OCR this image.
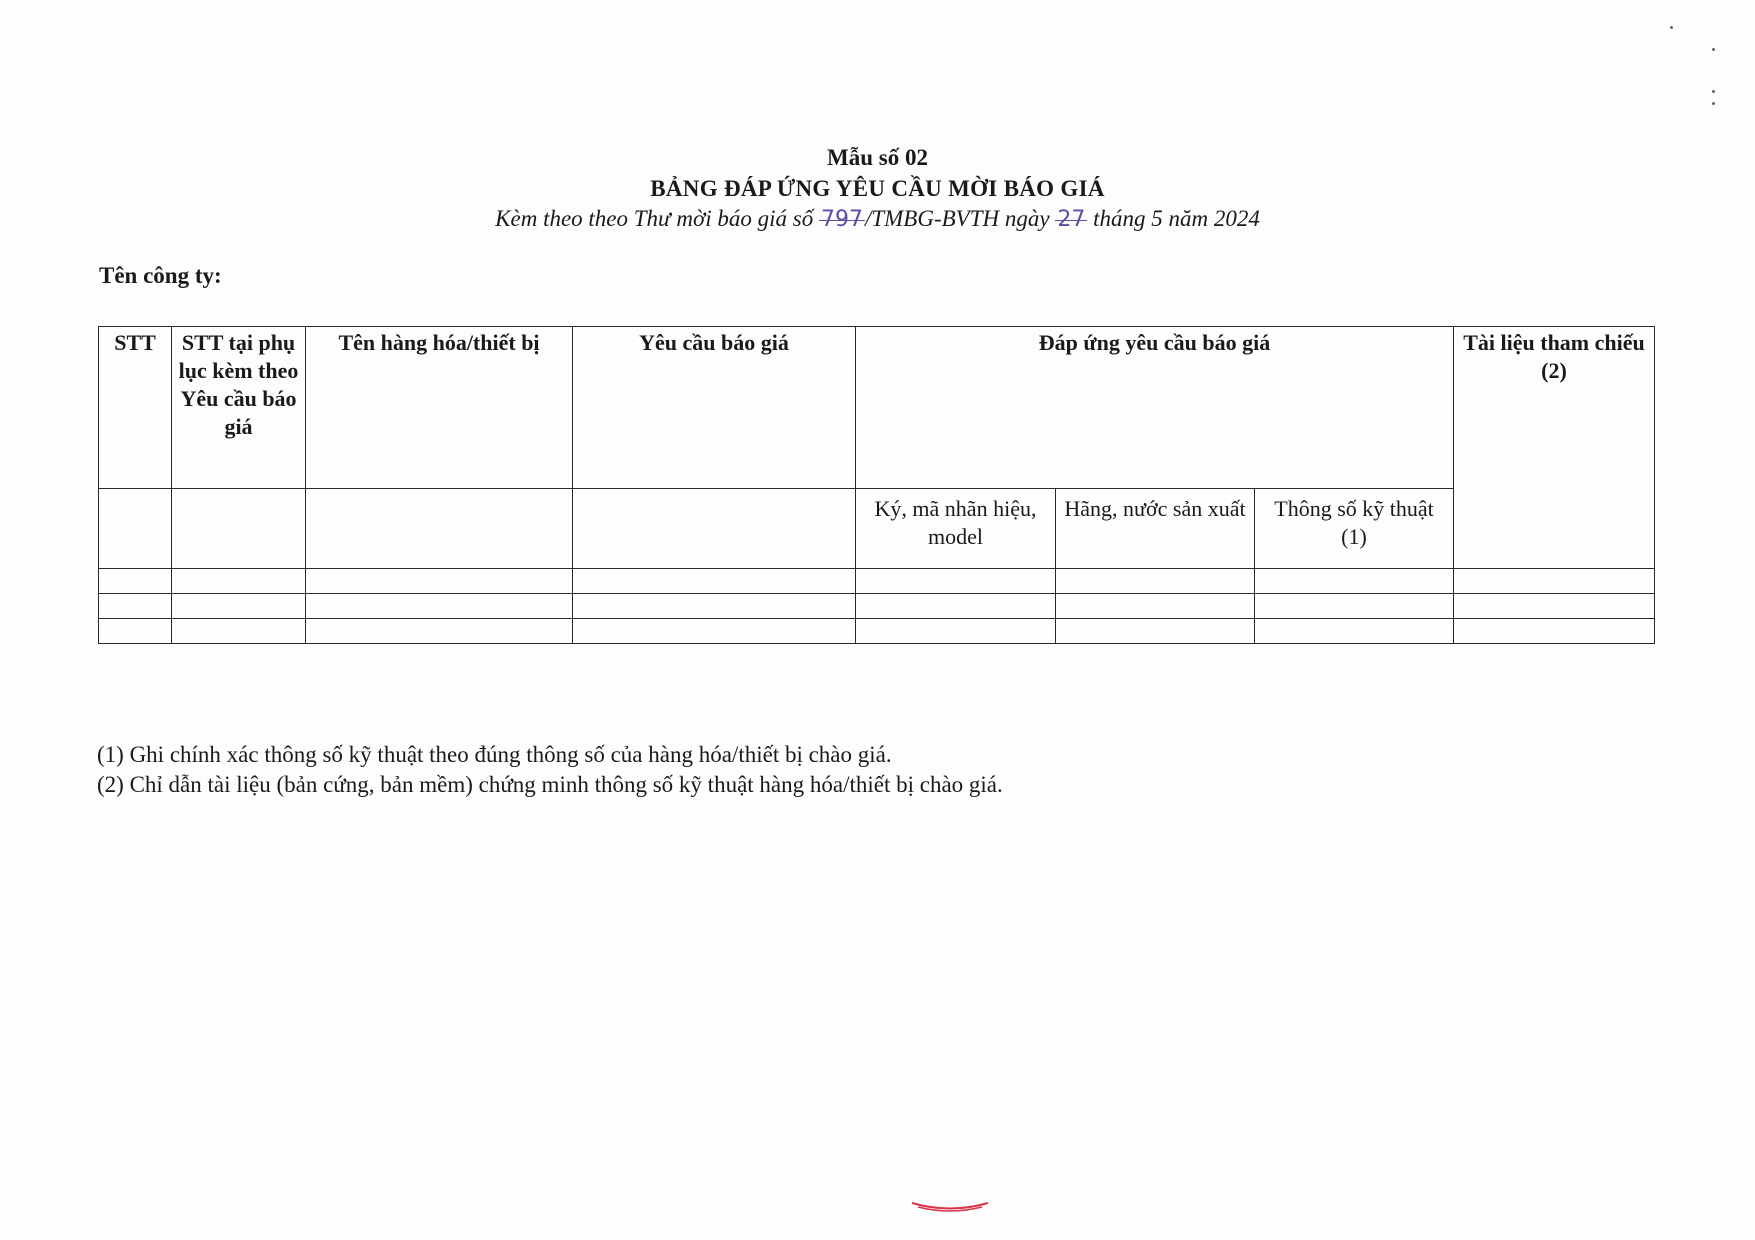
Mẫu số 02
BẢNG ĐÁP ỨNG YÊU CẦU MỜI BÁO GIÁ
Kèm theo theo Thư mời báo giá số 797/TMBG-BVTH ngày 27 tháng 5 năm 2024
Tên công ty:
STT	STT tại phụ lục kèm theo Yêu cầu báo giá	Tên hàng hóa/thiết bị	Yêu cầu báo giá	Đáp ứng yêu cầu báo giá			Tài liệu tham chiếu (2)
				Ký, mã nhãn hiệu, model	Hãng, nước sản xuất	Thông số kỹ thuật (1)	

(1) Ghi chính xác thông số kỹ thuật theo đúng thông số của hàng hóa/thiết bị chào giá.
(2) Chỉ dẫn tài liệu (bản cứng, bản mềm) chứng minh thông số kỹ thuật hàng hóa/thiết bị chào giá.
